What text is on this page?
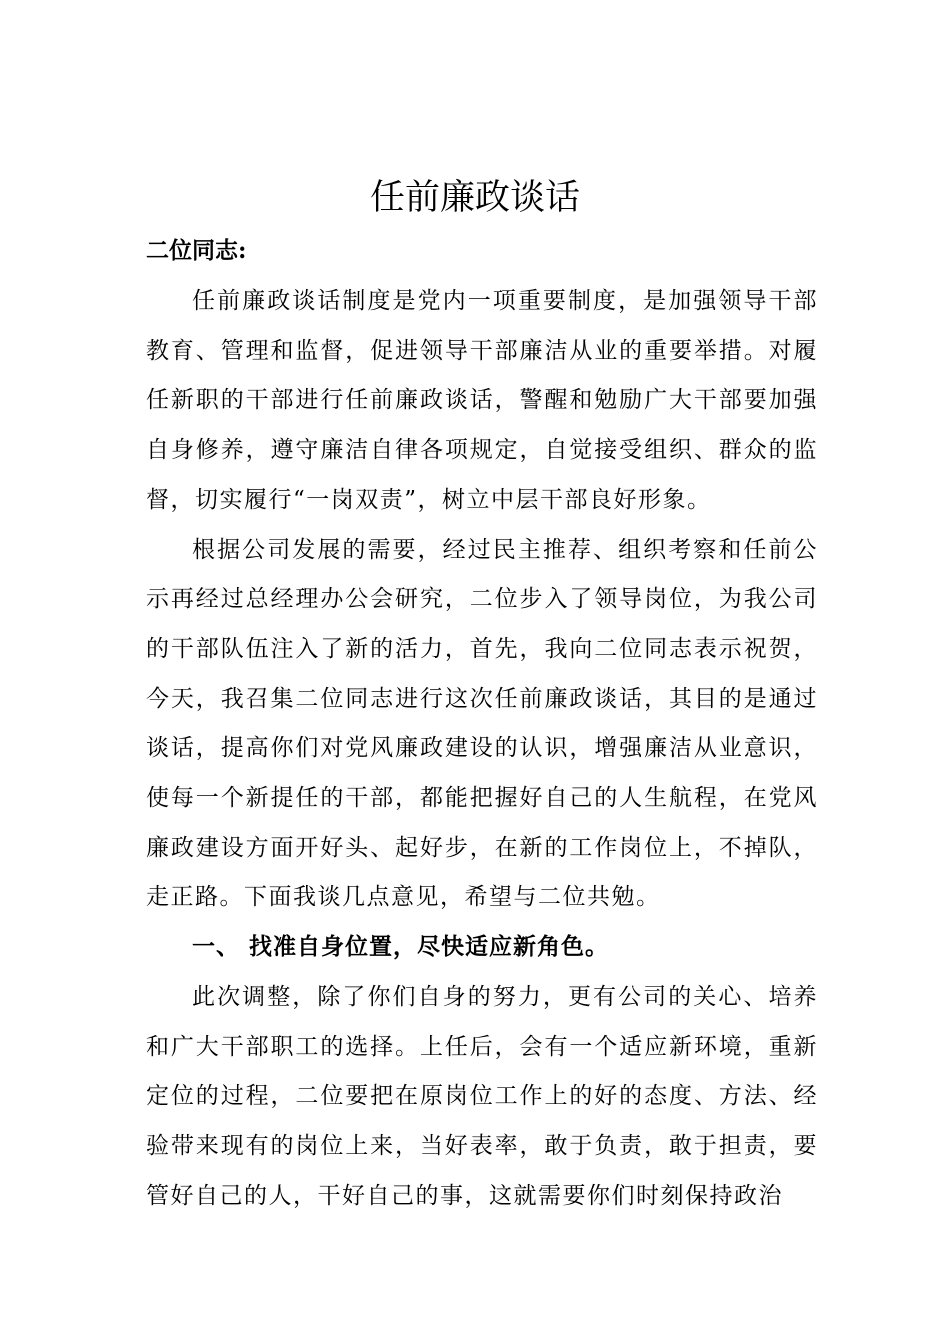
任前廉政谈话
二位同志:

任前廉政谈话制度是党内一项重要制度，是加强领导干部教育、管理和监督，促进领导干部廉洁从业的重要举措。对履任新职的干部进行任前廉政谈话，警醒和勉励广大干部要加强自身修养，遵守廉洁自律各项规定，自觉接受组织、群众的监督，切实履行“一岗双责”，树立中层干部良好形象。

根据公司发展的需要，经过民主推荐、组织考察和任前公示再经过总经理办公会研究，二位步入了领导岗位，为我公司的干部队伍注入了新的活力，首先，我向二位同志表示祝贺，今天，我召集二位同志进行这次任前廉政谈话，其目的是通过谈话，提高你们对党风廉政建设的认识，增强廉洁从业意识，使每一个新提任的干部，都能把握好自己的人生航程，在党风廉政建设方面开好头、起好步，在新的工作岗位上，不掉队，走正路。下面我谈几点意见，希望与二位共勉。

一、 找准自身位置，尽快适应新角色。

此次调整，除了你们自身的努力，更有公司的关心、培养和广大干部职工的选择。上任后，会有一个适应新环境，重新定位的过程，二位要把在原岗位工作上的好的态度、方法、经验带来现有的岗位上来，当好表率，敢于负责，敢于担责，要管好自己的人，干好自己的事，这就需要你们时刻保持政治
